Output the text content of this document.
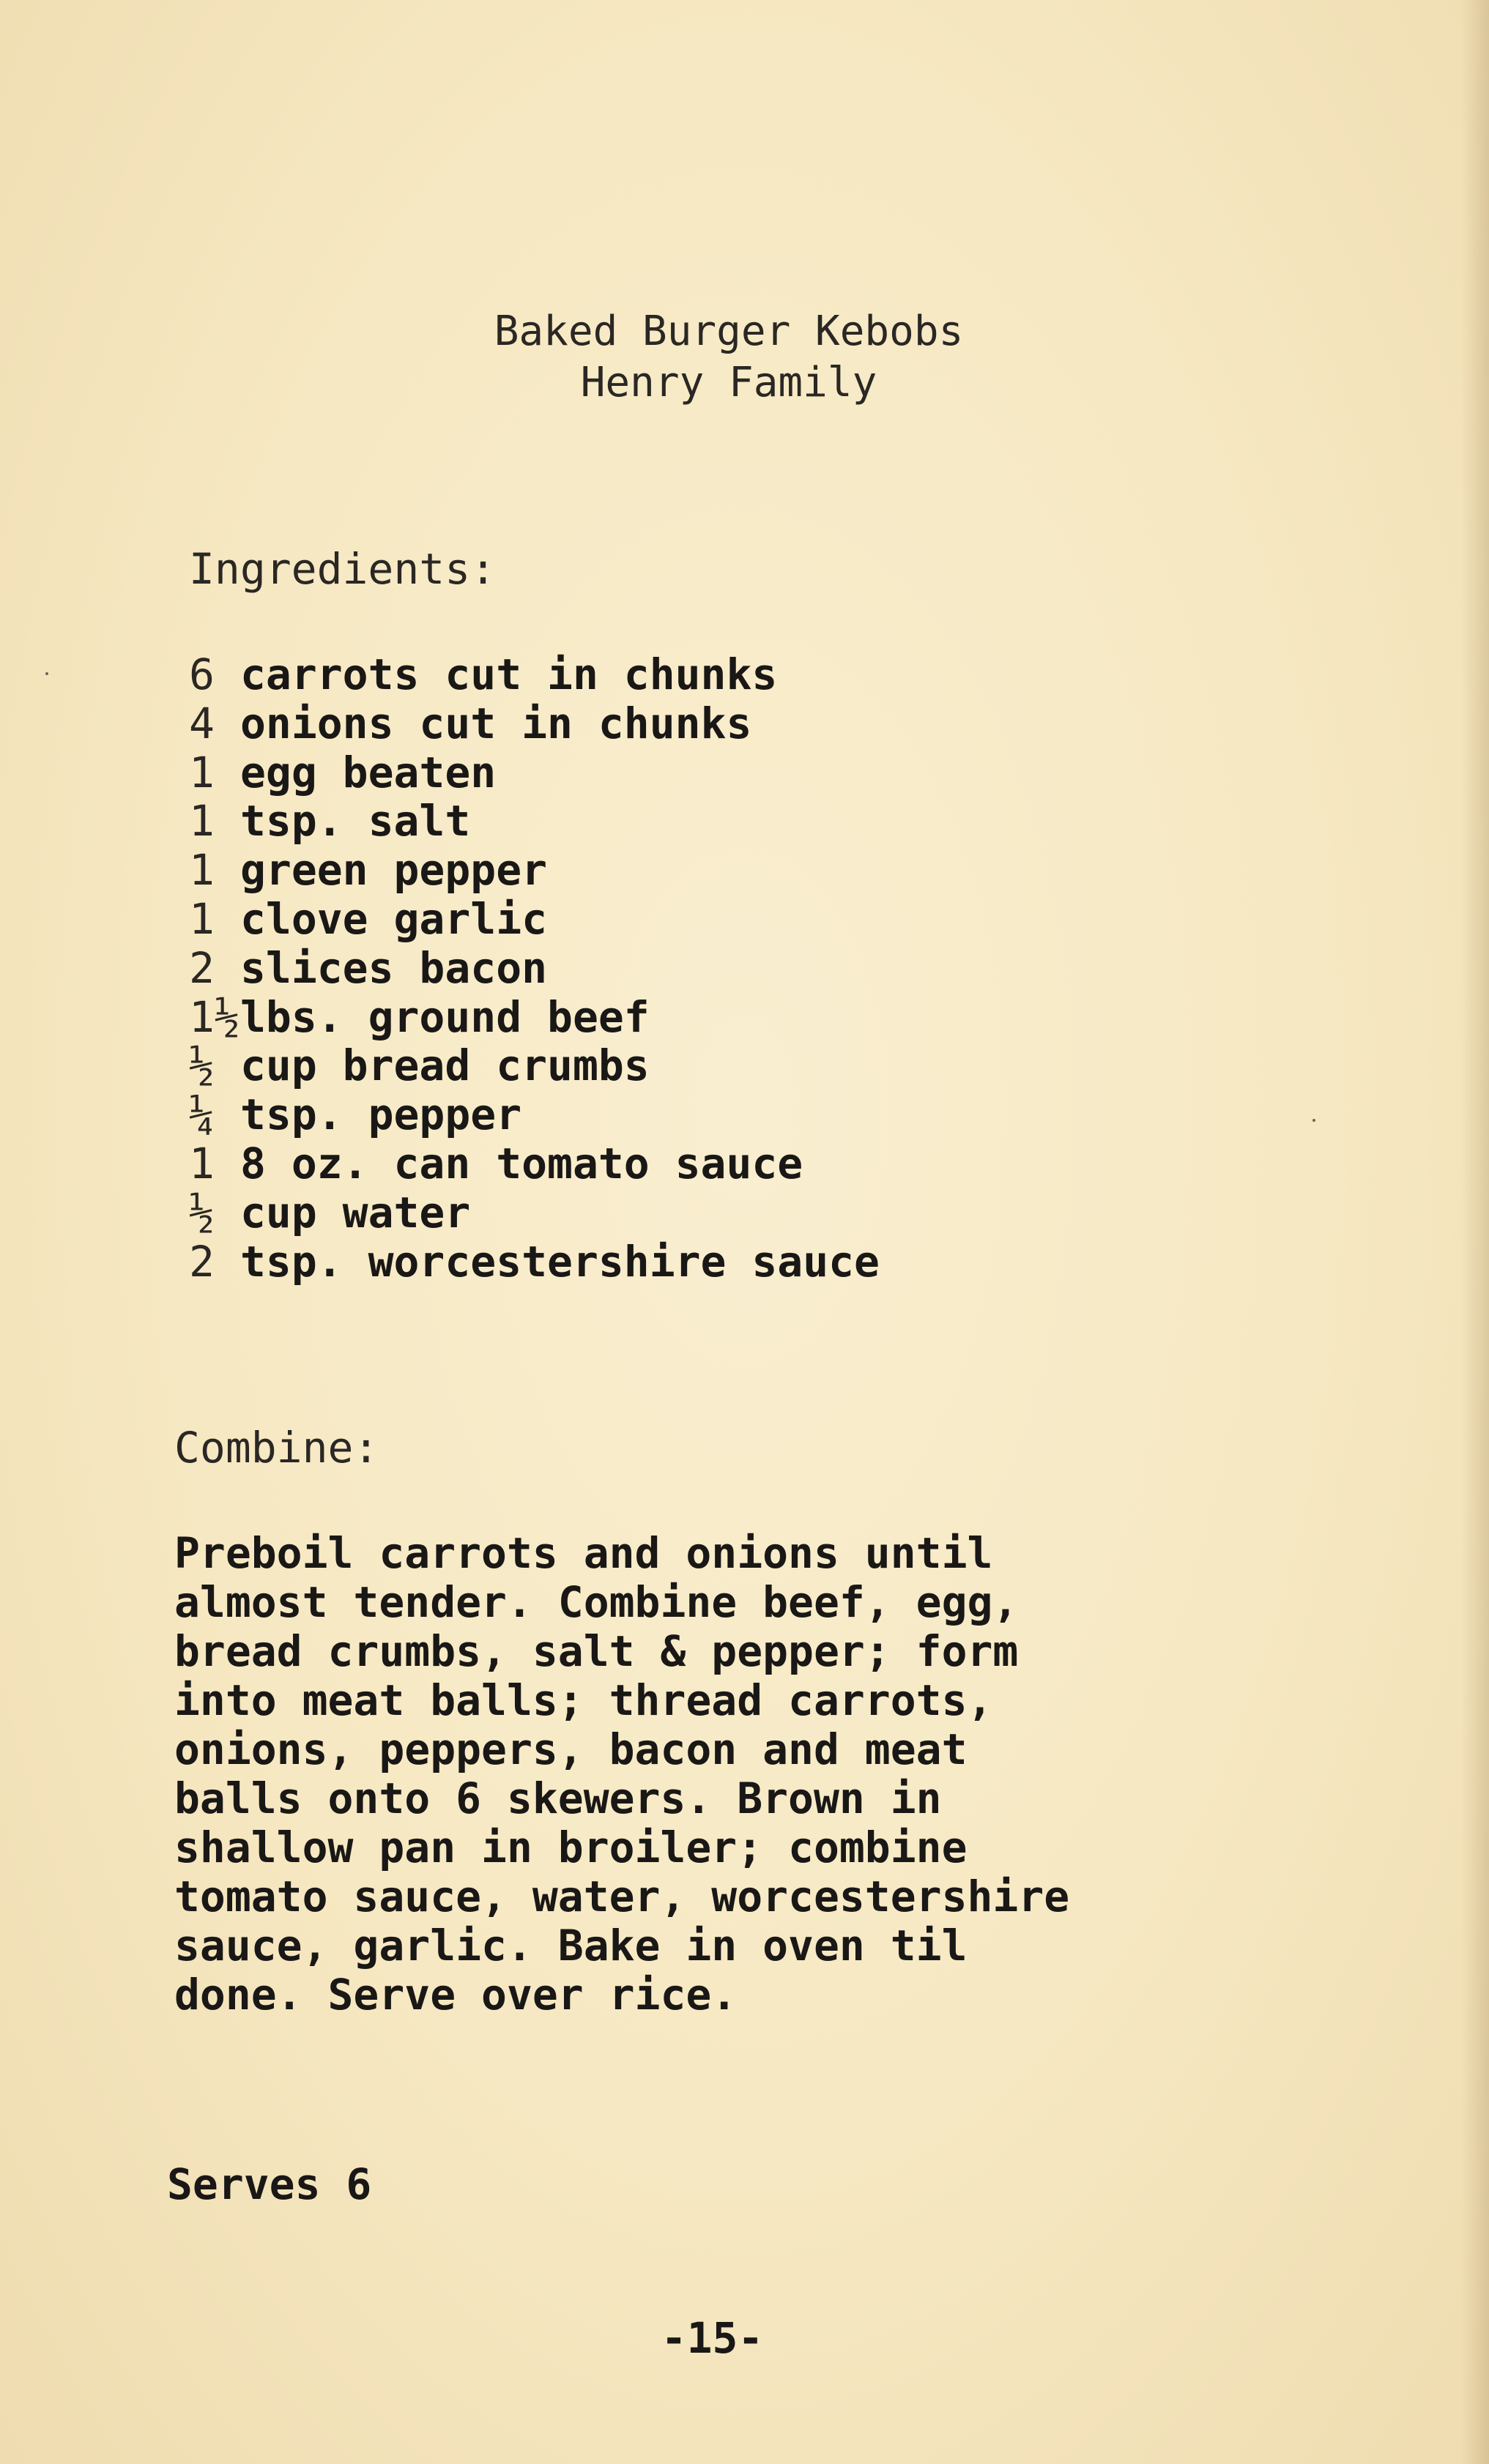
Baked Burger Kebobs
Henry Family
Ingredients:
6 carrots cut in chunks
4 onions cut in chunks
1 egg beaten
1 tsp. salt
1 green pepper
1 clove garlic
2 slices bacon
1½lbs. ground beef
½ cup bread crumbs
¼ tsp. pepper
1 8 oz. can tomato sauce
½ cup water
2 tsp. worcestershire sauce
Combine:
Preboil carrots and onions until
almost tender. Combine beef, egg,
bread crumbs, salt & pepper; form
into meat balls; thread carrots,
onions, peppers, bacon and meat
balls onto 6 skewers. Brown in
shallow pan in broiler; combine
tomato sauce, water, worcestershire
sauce, garlic. Bake in oven til
done. Serve over rice.
Serves 6
-15-
